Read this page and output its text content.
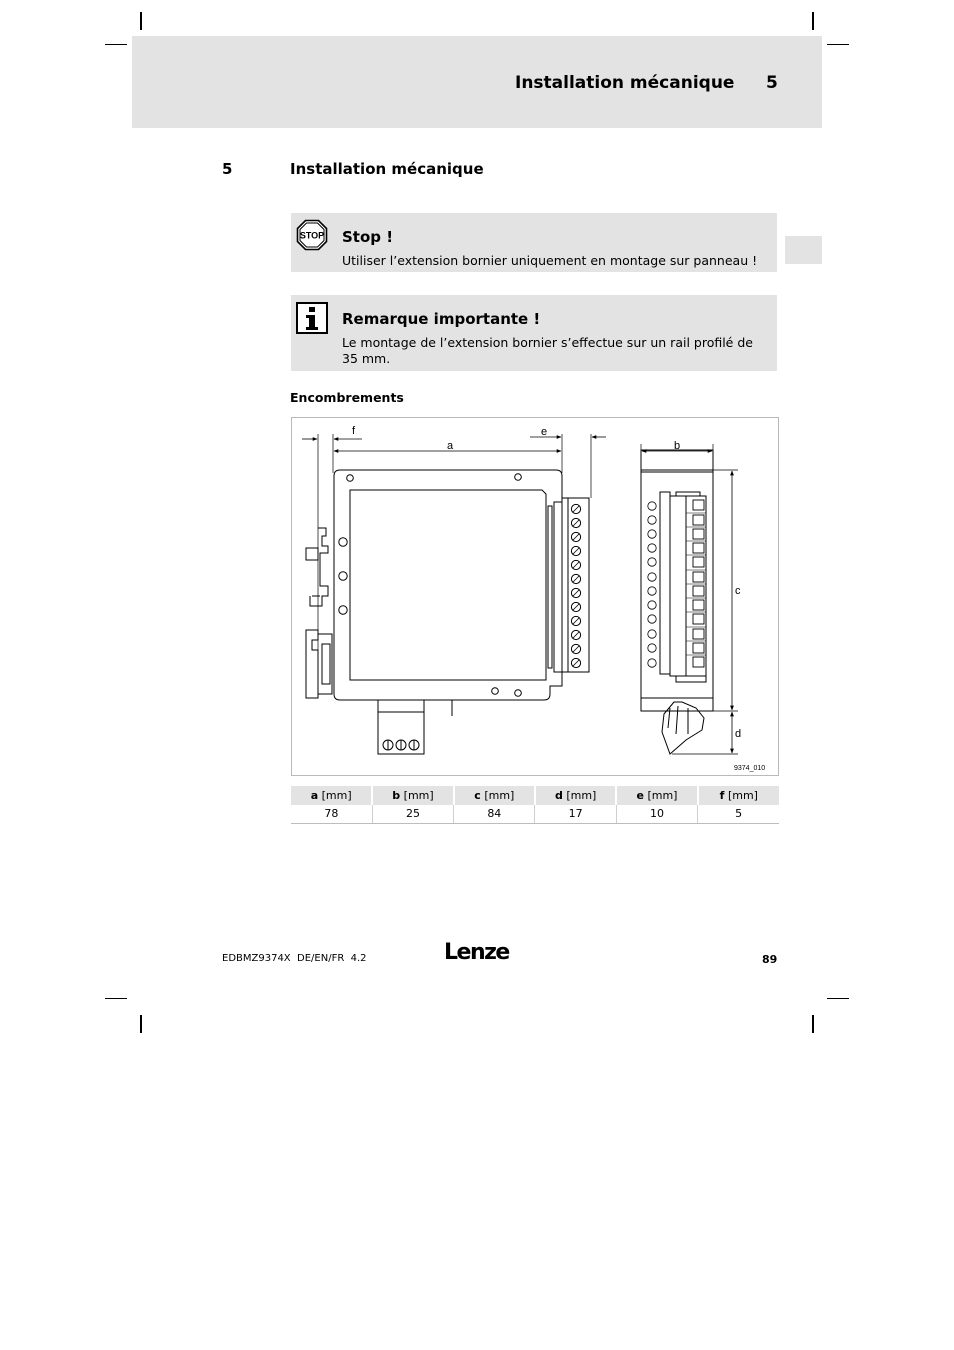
Installation mécanique 5
5	Installation mécanique
STOP Stop !
Utiliser l’extension bornier uniquement en montage sur panneau !
Remarque importante !
Le montage de l’extension bornier s’effectue sur un rail profilé de 35 mm.
Encombrements
f
a
e
b
c
d
9374_010
a [mm]	b [mm]	c [mm]	d [mm]	e [mm]	f [mm]
78	25	84	17	10	5
EDBMZ9374X  DE/EN/FR  4.2	Lenze	89
